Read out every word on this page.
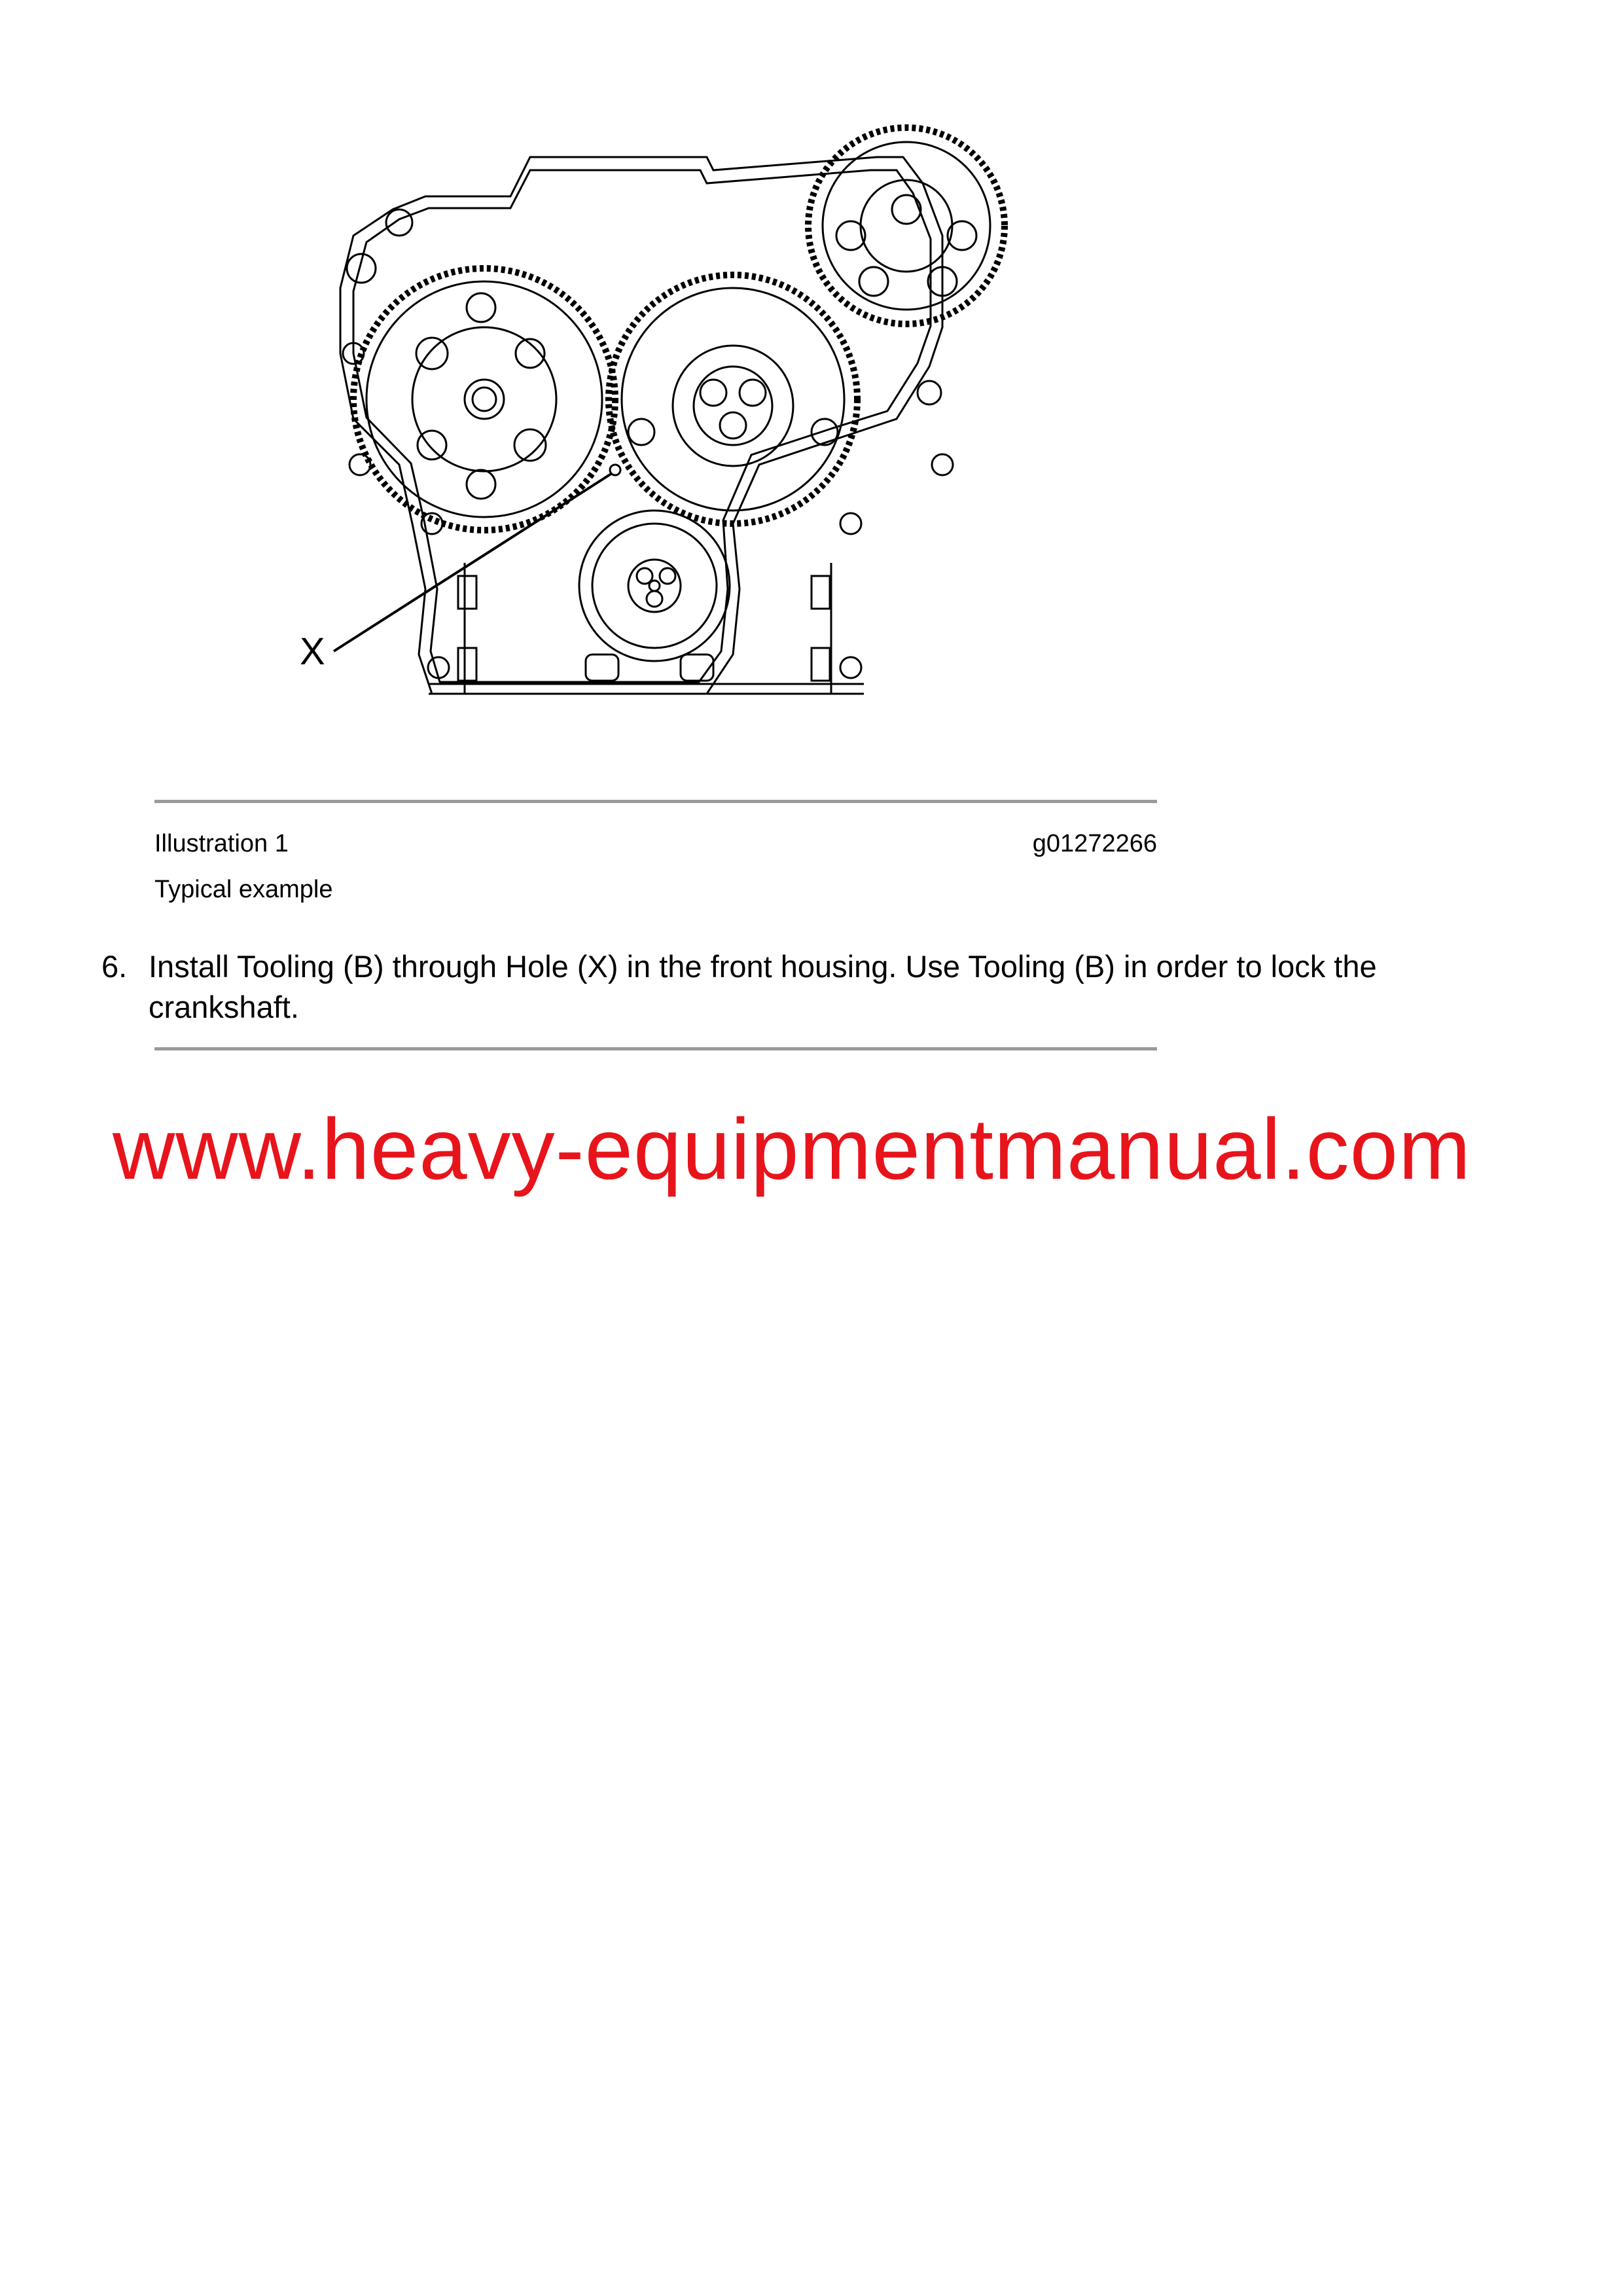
X
Illustration 1	g01272266
Typical example
6. Install Tooling (B) through Hole (X) in the front housing. Use Tooling (B) in order to lock the crankshaft.
www.heavy-equipmentmanual.com
